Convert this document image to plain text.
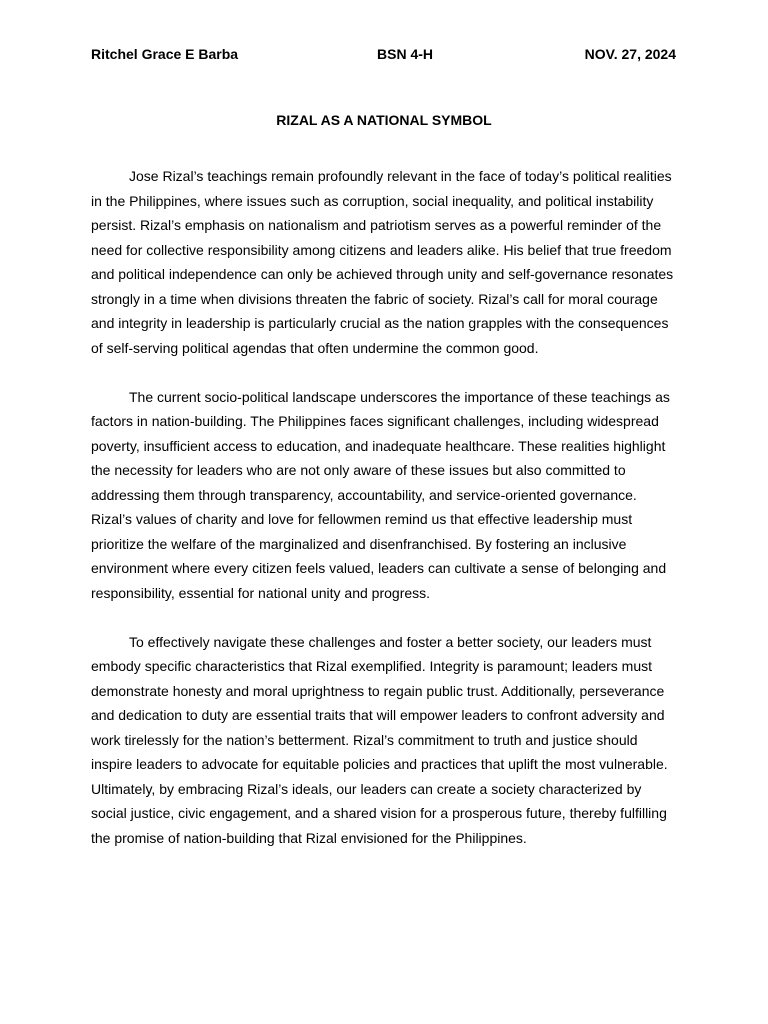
Ritchel Grace E Barba	BSN 4-H	NOV. 27, 2024
RIZAL AS A NATIONAL SYMBOL

Jose Rizal’s teachings remain profoundly relevant in the face of today’s political realities in the Philippines, where issues such as corruption, social inequality, and political instability persist. Rizal’s emphasis on nationalism and patriotism serves as a powerful reminder of the need for collective responsibility among citizens and leaders alike. His belief that true freedom and political independence can only be achieved through unity and self-governance resonates strongly in a time when divisions threaten the fabric of society. Rizal’s call for moral courage and integrity in leadership is particularly crucial as the nation grapples with the consequences of self-serving political agendas that often undermine the common good.

The current socio-political landscape underscores the importance of these teachings as factors in nation-building. The Philippines faces significant challenges, including widespread poverty, insufficient access to education, and inadequate healthcare. These realities highlight the necessity for leaders who are not only aware of these issues but also committed to addressing them through transparency, accountability, and service-oriented governance. Rizal’s values of charity and love for fellowmen remind us that effective leadership must prioritize the welfare of the marginalized and disenfranchised. By fostering an inclusive environment where every citizen feels valued, leaders can cultivate a sense of belonging and responsibility, essential for national unity and progress.

To effectively navigate these challenges and foster a better society, our leaders must embody specific characteristics that Rizal exemplified. Integrity is paramount; leaders must demonstrate honesty and moral uprightness to regain public trust. Additionally, perseverance and dedication to duty are essential traits that will empower leaders to confront adversity and work tirelessly for the nation’s betterment. Rizal’s commitment to truth and justice should inspire leaders to advocate for equitable policies and practices that uplift the most vulnerable. Ultimately, by embracing Rizal’s ideals, our leaders can create a society characterized by social justice, civic engagement, and a shared vision for a prosperous future, thereby fulfilling the promise of nation-building that Rizal envisioned for the Philippines.
